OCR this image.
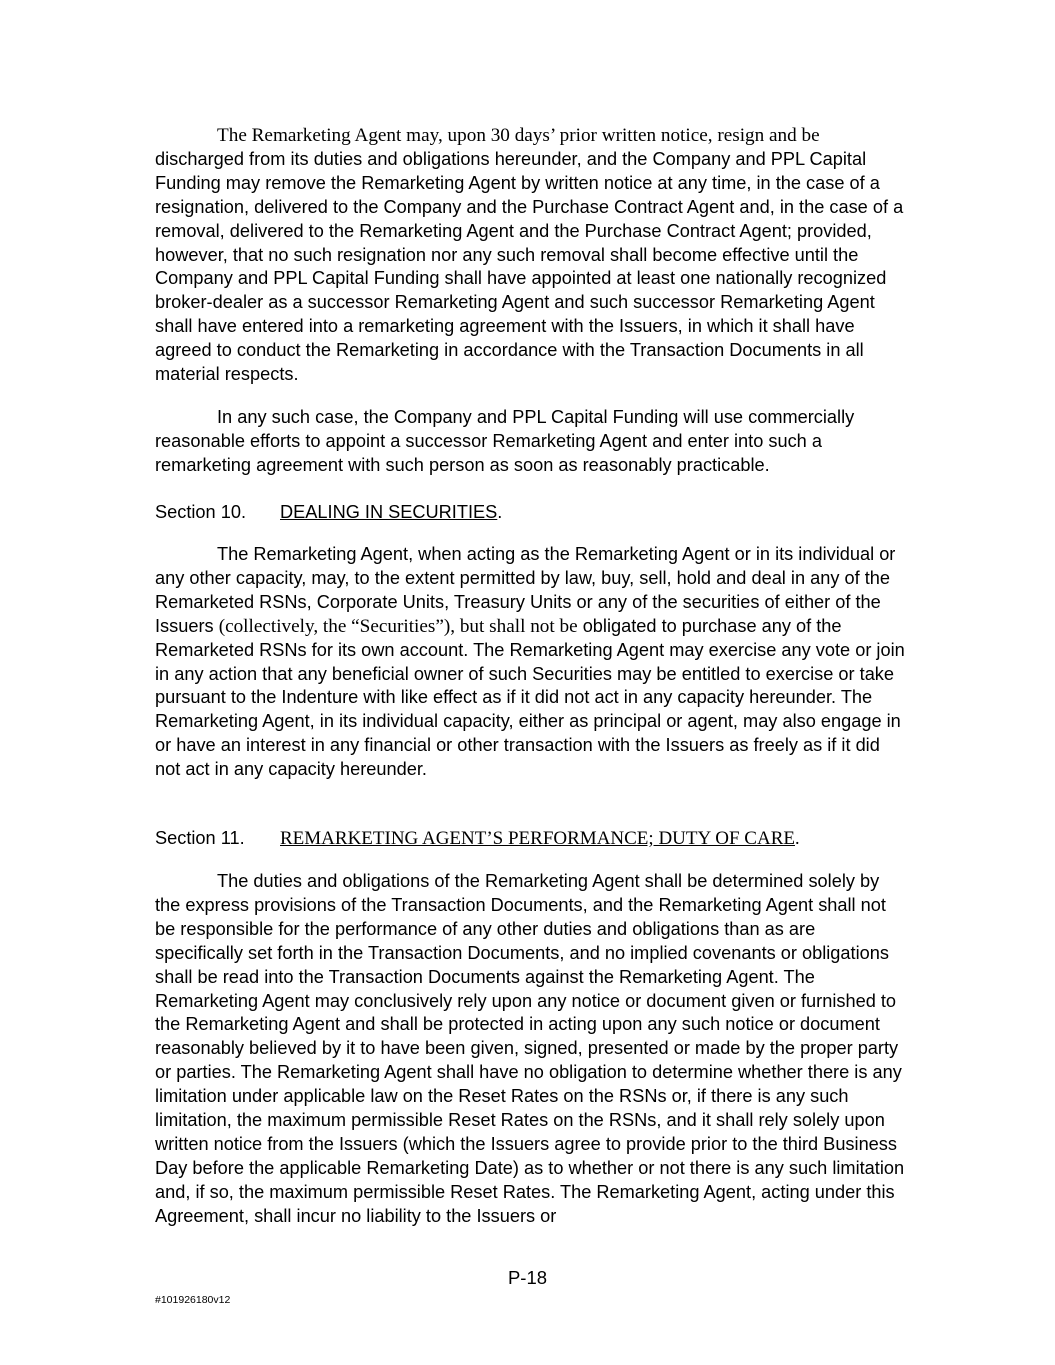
The Remarketing Agent may, upon 30 days’ prior written notice, resign and be discharged from its duties and obligations hereunder, and the Company and PPL Capital Funding may remove the Remarketing Agent by written notice at any time, in the case of a resignation, delivered to the Company and the Purchase Contract Agent and, in the case of a removal, delivered to the Remarketing Agent and the Purchase Contract Agent; provided, however, that no such resignation nor any such removal shall become effective until the Company and PPL Capital Funding shall have appointed at least one nationally recognized broker-dealer as a successor Remarketing Agent and such successor Remarketing Agent shall have entered into a remarketing agreement with the Issuers, in which it shall have agreed to conduct the Remarketing in accordance with the Transaction Documents in all material respects.

In any such case, the Company and PPL Capital Funding will use commercially reasonable efforts to appoint a successor Remarketing Agent and enter into such a remarketing agreement with such person as soon as reasonably practicable.

Section 10. DEALING IN SECURITIES.

The Remarketing Agent, when acting as the Remarketing Agent or in its individual or any other capacity, may, to the extent permitted by law, buy, sell, hold and deal in any of the Remarketed RSNs, Corporate Units, Treasury Units or any of the securities of either of the Issuers (collectively, the “Securities”), but shall not be obligated to purchase any of the Remarketed RSNs for its own account. The Remarketing Agent may exercise any vote or join in any action that any beneficial owner of such Securities may be entitled to exercise or take pursuant to the Indenture with like effect as if it did not act in any capacity hereunder. The Remarketing Agent, in its individual capacity, either as principal or agent, may also engage in or have an interest in any financial or other transaction with the Issuers as freely as if it did not act in any capacity hereunder.

Section 11. REMARKETING AGENT’S PERFORMANCE; DUTY OF CARE.

The duties and obligations of the Remarketing Agent shall be determined solely by the express provisions of the Transaction Documents, and the Remarketing Agent shall not be responsible for the performance of any other duties and obligations than as are specifically set forth in the Transaction Documents, and no implied covenants or obligations shall be read into the Transaction Documents against the Remarketing Agent. The Remarketing Agent may conclusively rely upon any notice or document given or furnished to the Remarketing Agent and shall be protected in acting upon any such notice or document reasonably believed by it to have been given, signed, presented or made by the proper party or parties. The Remarketing Agent shall have no obligation to determine whether there is any limitation under applicable law on the Reset Rates on the RSNs or, if there is any such limitation, the maximum permissible Reset Rates on the RSNs, and it shall rely solely upon written notice from the Issuers (which the Issuers agree to provide prior to the third Business Day before the applicable Remarketing Date) as to whether or not there is any such limitation and, if so, the maximum permissible Reset Rates. The Remarketing Agent, acting under this Agreement, shall incur no liability to the Issuers or

P-18
#101926180v12
